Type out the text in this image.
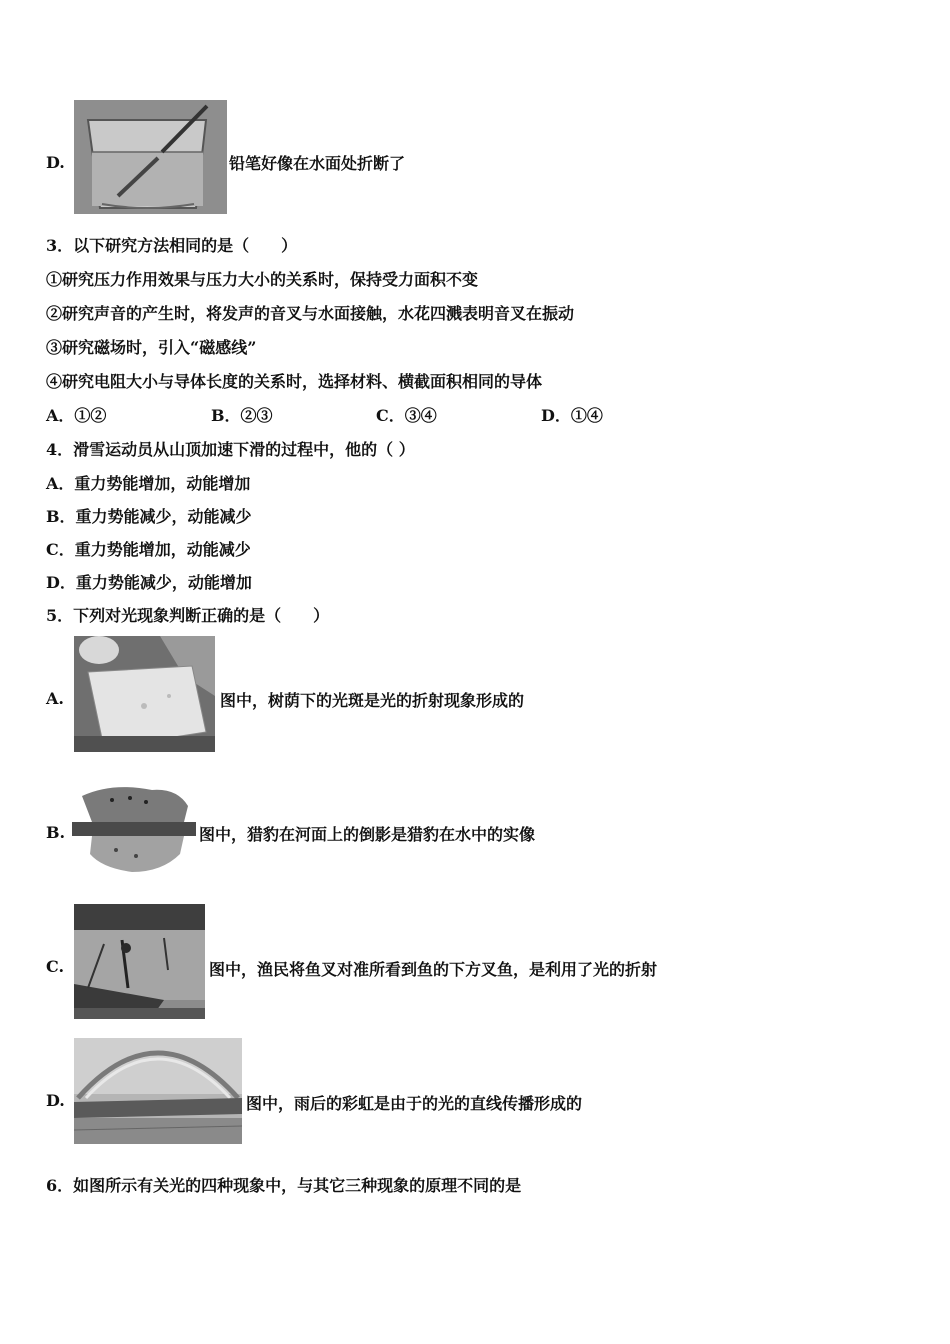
D.	铅笔好像在水面处折断了
3．以下研究方法相同的是（　　）
①研究压力作用效果与压力大小的关系时，保持受力面积不变
②研究声音的产生时，将发声的音叉与水面接触，水花四溅表明音叉在振动
③研究磁场时，引入“磁感线”
④研究电阻大小与导体长度的关系时，选择材料、横截面积相同的导体
A．①②	B．②③	C．③④	D．①④
4．滑雪运动员从山顶加速下滑的过程中，他的（ ）
A．重力势能增加，动能增加
B．重力势能减少，动能减少
C．重力势能增加，动能减少
D．重力势能减少，动能增加
5．下列对光现象判断正确的是（　　）
A.	图中，树荫下的光斑是光的折射现象形成的
B.	图中，猎豹在河面上的倒影是猎豹在水中的实像
C.	图中，渔民将鱼叉对准所看到鱼的下方叉鱼，是利用了光的折射
D.	图中，雨后的彩虹是由于的光的直线传播形成的
6．如图所示有关光的四种现象中，与其它三种现象的原理不同的是
